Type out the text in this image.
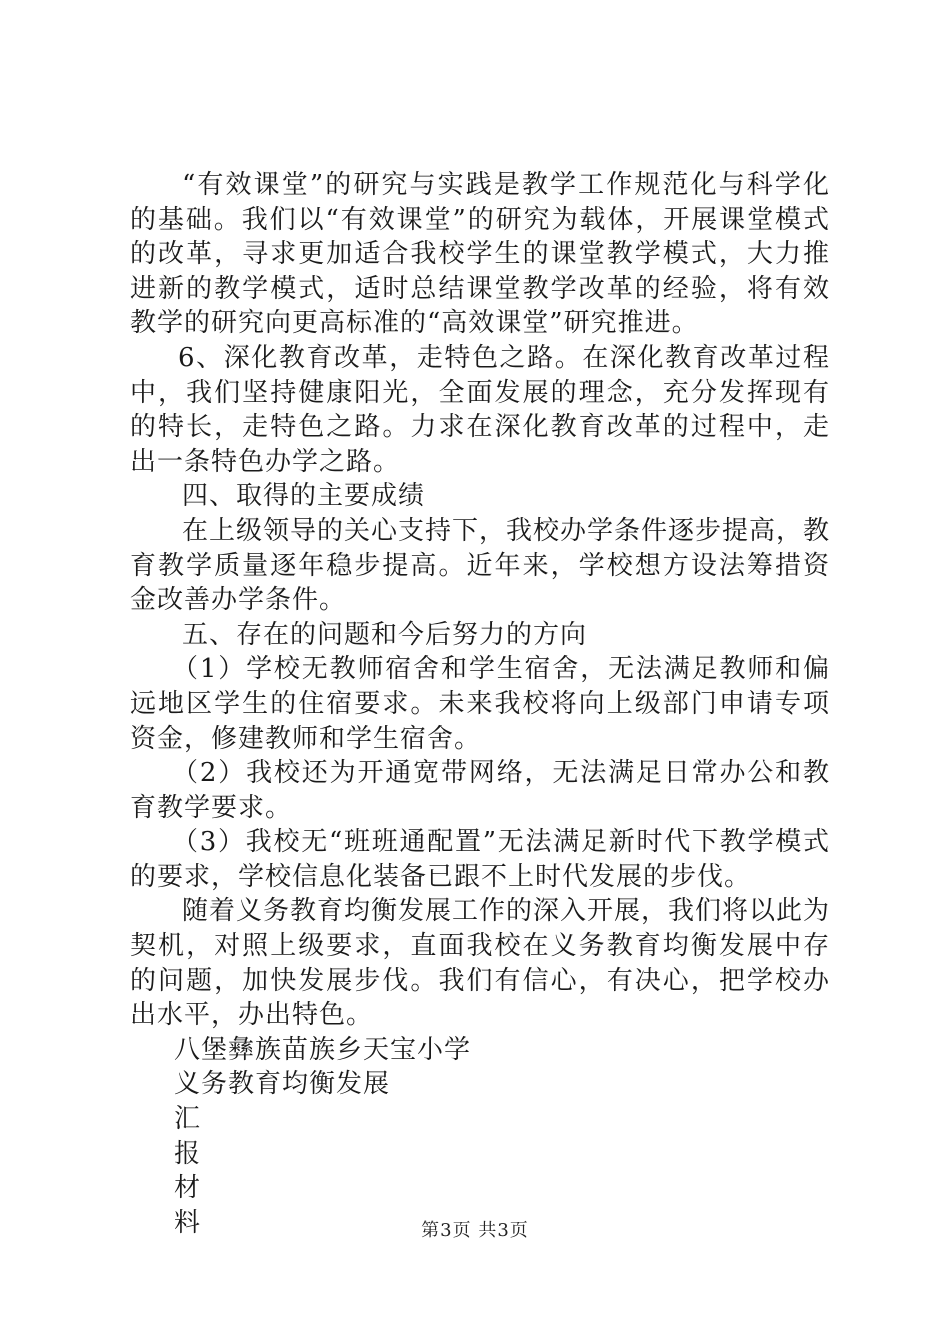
“有效课堂”的研究与实践是教学工作规范化与科学化的基础。我们以“有效课堂”的研究为载体，开展课堂模式的改革，寻求更加适合我校学生的课堂教学模式，大力推进新的教学模式，适时总结课堂教学改革的经验，将有效教学的研究向更高标准的“高效课堂”研究推进。

6、深化教育改革，走特色之路。在深化教育改革过程中，我们坚持健康阳光，全面发展的理念，充分发挥现有的特长，走特色之路。力求在深化教育改革的过程中，走出一条特色办学之路。

四、取得的主要成绩

在上级领导的关心支持下，我校办学条件逐步提高，教育教学质量逐年稳步提高。近年来，学校想方设法筹措资金改善办学条件。

五、存在的问题和今后努力的方向

（1）学校无教师宿舍和学生宿舍，无法满足教师和偏远地区学生的住宿要求。未来我校将向上级部门申请专项资金，修建教师和学生宿舍。

（2）我校还为开通宽带网络，无法满足日常办公和教育教学要求。

（3）我校无“班班通配置”无法满足新时代下教学模式的要求，学校信息化装备已跟不上时代发展的步伐。

随着义务教育均衡发展工作的深入开展，我们将以此为契机，对照上级要求，直面我校在义务教育均衡发展中存的问题，加快发展步伐。我们有信心，有决心，把学校办出水平，办出特色。

八堡彝族苗族乡天宝小学

义务教育均衡发展

汇

报

材

料	第3页 共3页
